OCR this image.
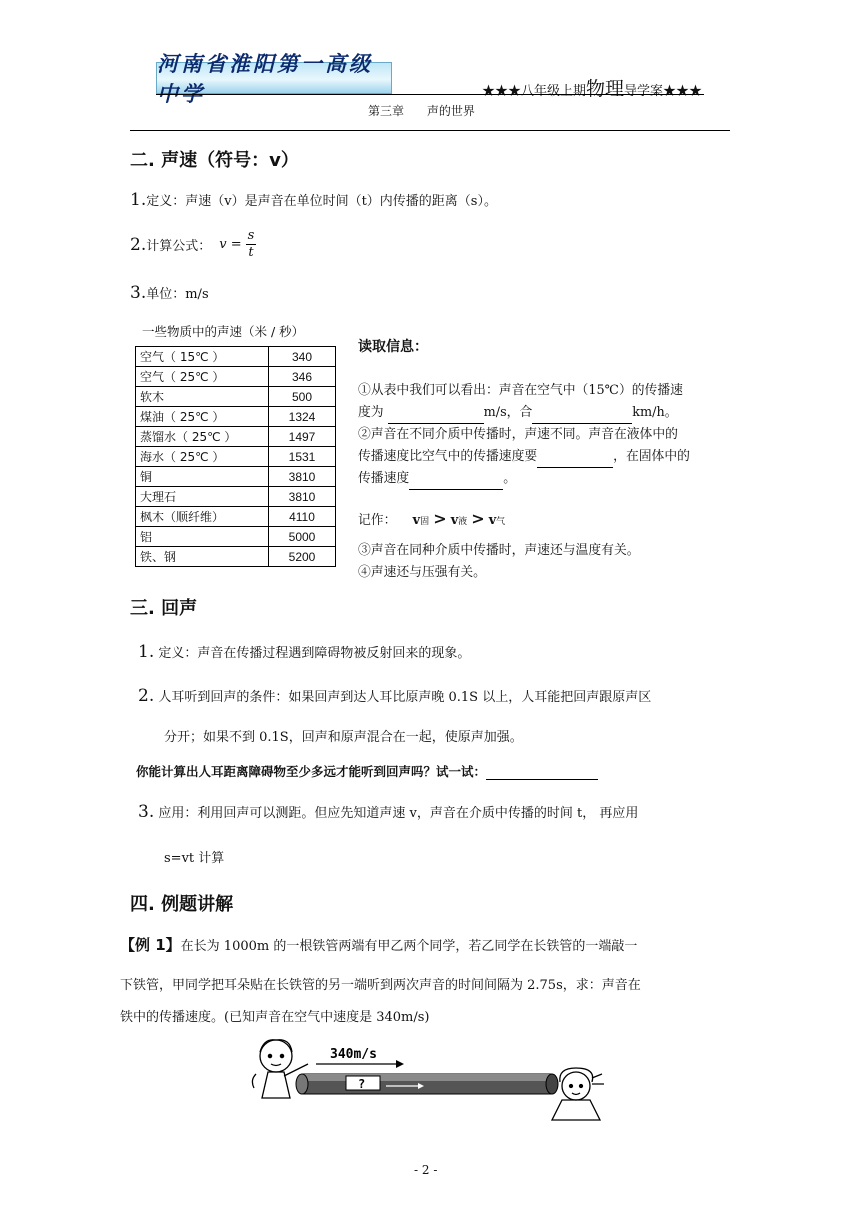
河南省淮阳第一高级中学	★★★八年级上期物理导学案★★★
第三章 声的世界
二. 声速（符号：v）
1.定义：声速（v）是声音在单位时间（t）内传播的距离（s）。
2. 计算公式： $v = \frac{s}{t}$
3.单位：m/s
一些物质中的声速（米 / 秒）
空气（ 15℃ ）	340
空气（ 25℃ ）	346
软木	500
煤油（ 25℃ ）	1324
蒸馏水（ 25℃ ）	1497
海水（ 25℃ ）	1531
铜	3810
大理石	3810
枫木（顺纤维）	4110
铝	5000
铁、钢	5200
读取信息：
①从表中我们可以看出：声音在空气中（15℃）的传播速
度为	m/s，合	km/h。
②声音在不同介质中传播时，声速不同。声音在液体中的
传播速度比空气中的传播速度要	，在固体中的
传播速度	。
记作： v固 > v液 > v气
③声音在同种介质中传播时，声速还与温度有关。
④声速还与压强有关。
三. 回声
1. 定义：声音在传播过程遇到障碍物被反射回来的现象。
2. 人耳听到回声的条件：如果回声到达人耳比原声晚 0.1S 以上，人耳能把回声跟原声区
分开；如果不到 0.1S，回声和原声混合在一起，使原声加强。
你能计算出人耳距离障碍物至少多远才能听到回声吗？试一试：
3. 应用：利用回声可以测距。但应先知道声速 v，声音在介质中传播的时间 t， 再应用
s=vt 计算
四. 例题讲解
【例 1】在长为 1000m 的一根铁管两端有甲乙两个同学，若乙同学在长铁管的一端敲一
下铁管，甲同学把耳朵贴在长铁管的另一端听到两次声音的时间间隔为 2.75s，求：声音在
铁中的传播速度。(已知声音在空气中速度是 340m/s)
340m/s
?
- 2 -
